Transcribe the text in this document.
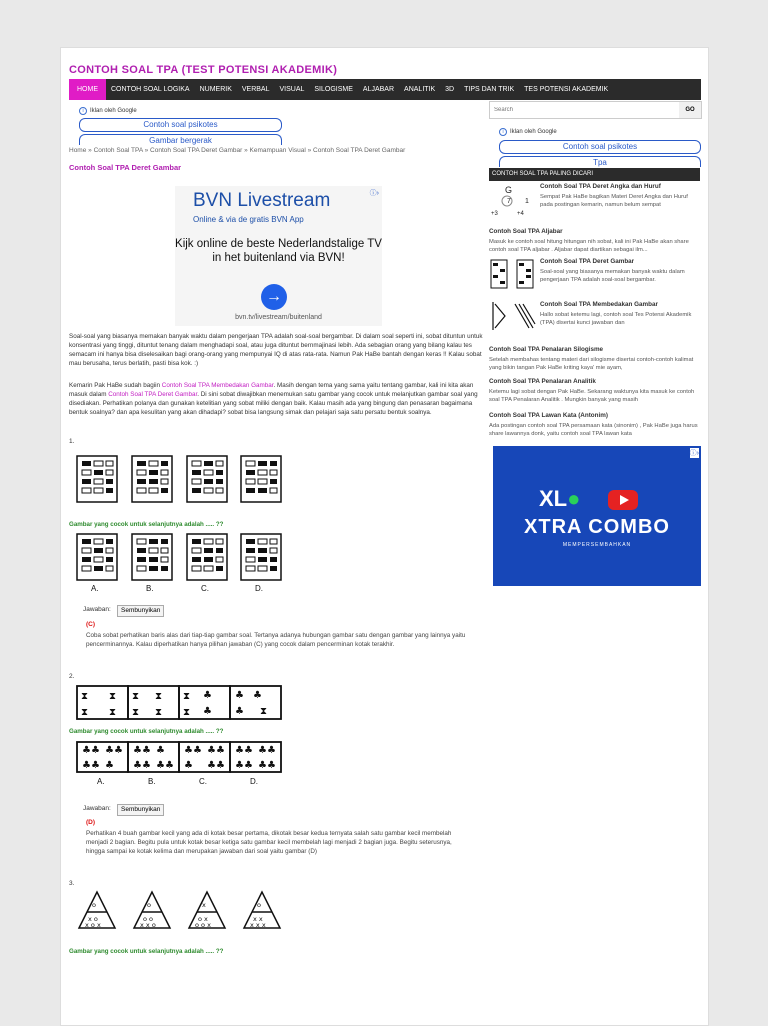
CONTOH SOAL TPA (TEST POTENSI AKADEMIK)
HOME	CONTOH SOAL LOGIKA	NUMERIK	VERBAL	VISUAL	SILOGISME	ALJABAR	ANALITIK	3D	TIPS DAN TRIK	TES POTENSI AKADEMIK
Search
GO
i Iklan oleh Google
Contoh soal psikotes
Gambar bergerak
i Iklan oleh Google
Contoh soal psikotes
Tpa
Home » Contoh Soal TPA » Contoh Soal TPA Deret Gambar » Kemampuan Visual » Contoh Soal TPA Deret Gambar
Contoh Soal TPA Deret Gambar
ⓘ›
BVN Livestream
Online & via de gratis BVN App
Kijk online de beste Nederlandstalige TV in het buitenland via BVN!
→
bvn.tv/livestream/buitenland
Soal-soal yang biasanya memakan banyak waktu dalam pengerjaan TPA adalah soal-soal bergambar. Di dalam soal seperti ini, sobat dituntun untuk konsentrasi yang tinggi, dituntut tenang dalam menghadapi soal, atau juga dituntut bernmajinasi lebih. Ada sebagian orang yang bilang kalau tes semacam ini hanya bisa diselesaikan bagi orang-orang yang mempunyai IQ di atas rata-rata. Namun Pak HaBe bantah dengan keras !! Kalau sobat mau berusaha, terus berlatih, pasti bisa kok. :)
Kemarin Pak HaBe sudah bagiin Contoh Soal TPA Membedakan Gambar. Masih dengan tema yang sama yaitu tentang gambar, kali ini kita akan masuk dalam Contoh Soal TPA Deret Gambar. Di sini sobat diwajibkan menemukan satu gambar yang cocok untuk melanjutkan gambar soal yang disediakan. Perhatikan polanya dan gunakan ketelitian yang sobat miliki dengan baik. Kalau masih ada yang bingung dan penasaran bagaimana bentuk soalnya? dan apa kesulitan yang akan dihadapi? sobat bisa langsung simak dan pelajari saja satu persatu bentuk soalnya.
1.
Gambar yang cocok untuk selanjutnya adalah ..... ??
A.	B.	C.	D.
Jawaban:	Sembunyikan
(C)
Coba sobat perhatikan baris alas dari tiap-tiap gambar soal. Tertanya adanya hubungan gambar satu dengan gambar yang lainnya yaitu pencerminannya. Kalau diperhatikan hanya pilihan jawaban (C) yang cocok dalam pencerminan kotak terakhir.
2.
⧗ ⧗
⧗ ⧗
⧗ ⧗
⧗ ⧗
⧗ ♣
⧗ ♣
♣ ♣
♣ ⧗
Gambar yang cocok untuk selanjutnya adalah ..... ??
♣♣ ♣♣
♣♣ ♣
♣♣ ♣
♣♣ ♣♣
♣♣ ♣♣
♣ ♣♣
♣♣ ♣♣
♣♣ ♣♣
A.	B.	C.	D.
Jawaban:	Sembunyikan
(D)
Perhatikan 4 buah gambar kecil yang ada di kotak besar pertama, dikotak besar kedua ternyata salah satu gambar kecil membelah menjadi 2 bagian. Begitu pula untuk kotak besar ketiga satu gambar kecil membelah lagi menjadi 2 bagian juga. Begitu seterusnya, hingga sampai ke kotak kelima dan merupakan jawaban dari soal yaitu gambar (D)
3.
o
x o
x o x
o
o o
x x o
x
o x
o o x
o
x x
x x x
Gambar yang cocok untuk selanjutnya adalah ..... ??
CONTOH SOAL TPA PALING DICARI
G
7 1
+3	+4
Contoh Soal TPA Deret Angka dan Huruf
Sempat Pak HaBe bagikan Materi Deret Angka dan Huruf pada postingan kemarin, namun belum sempat
Contoh Soal TPA Aljabar
Masuk ke contoh soal hitung hitungan nih sobat, kali ini Pak HaBe akan share contoh soal TPA aljabar . Aljabar dapat diartikan sebagai ilm...
Contoh Soal TPA Deret Gambar
Soal-soal yang biasanya memakan banyak waktu dalam pengerjaan TPA adalah soal-soal bergambar.
Contoh Soal TPA Membedakan Gambar
Hallo sobat ketemu lagi, contoh soal Tes Potensi Akademik (TPA) disertai kunci jawaban dan
Contoh Soal TPA Penalaran Silogisme
Setelah membahas tentang materi dari silogisme disertai contoh-contoh kalimat yang bikin tangan Pak HaBe kriting kaya' mie ayam,
Contoh Soal TPA Penalaran Analitik
Ketemu lagi sobat dengan Pak HaBe. Sekarang waktunya kita masuk ke contoh soal TPA Penalaran Analitik . Mungkin banyak yang masih
Contoh Soal TPA Lawan Kata (Antonim)
Ada postingan contoh soal TPA persamaan kata (sinonim) , Pak HaBe juga harus share lawannya donk, yaitu contoh soal TPA lawan kata
ⓘ›
XL●
XTRA COMBO
MEMPERSEMBAHKAN
